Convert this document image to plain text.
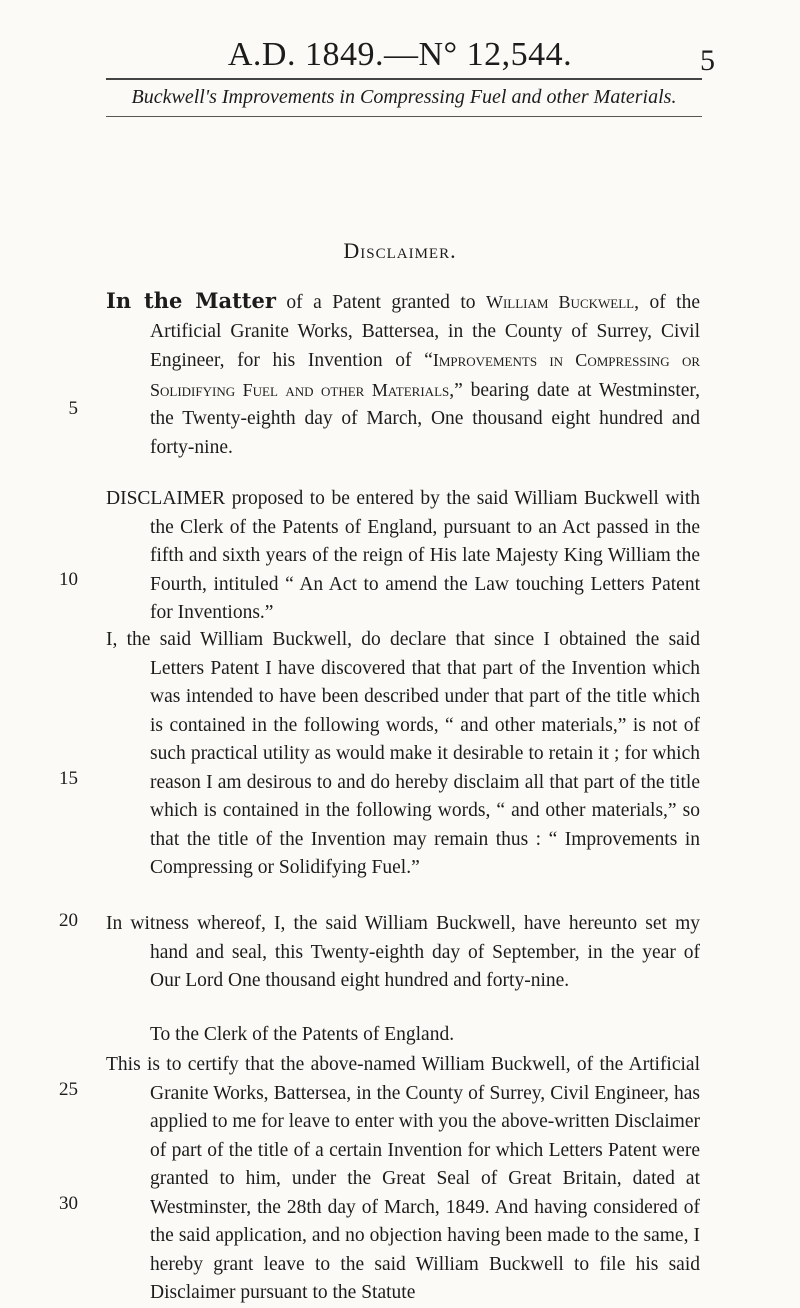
A.D. 1849.—N° 12,544.	5
Buckwell's Improvements in Compressing Fuel and other Materials.
Disclaimer.
In the Matter of a Patent granted to William Buckwell, of the Artificial Granite Works, Battersea, in the County of Surrey, Civil Engineer, for his Invention of “Improvements in Compressing or Solidifying Fuel and other Materials,” bearing date at Westminster, the Twenty-eighth day of March, One thousand eight hundred and forty-nine.
DISCLAIMER proposed to be entered by the said William Buckwell with the Clerk of the Patents of England, pursuant to an Act passed in the fifth and sixth years of the reign of His late Majesty King William the Fourth, intituled “ An Act to amend the Law touching Letters Patent for Inventions.”
I, the said William Buckwell, do declare that since I obtained the said Letters Patent I have discovered that that part of the Invention which was intended to have been described under that part of the title which is contained in the following words, “ and other materials,” is not of such practical utility as would make it desirable to retain it ; for which reason I am desirous to and do hereby disclaim all that part of the title which is contained in the following words, “ and other materials,” so that the title of the Invention may remain thus : “ Improvements in Compressing or Solidifying Fuel.”
In witness whereof, I, the said William Buckwell, have hereunto set my hand and seal, this Twenty-eighth day of September, in the year of Our Lord One thousand eight hundred and forty-nine.
To the Clerk of the Patents of England.
This is to certify that the above-named William Buckwell, of the Artificial Granite Works, Battersea, in the County of Surrey, Civil Engineer, has applied to me for leave to enter with you the above-written Disclaimer of part of the title of a certain Invention for which Letters Patent were granted to him, under the Great Seal of Great Britain, dated at Westminster, the 28th day of March, 1849. And having considered of the said application, and no objection having been made to the same, I hereby grant leave to the said William Buckwell to file his said Disclaimer pursuant to the Statute
5
10
15
20
25
30
